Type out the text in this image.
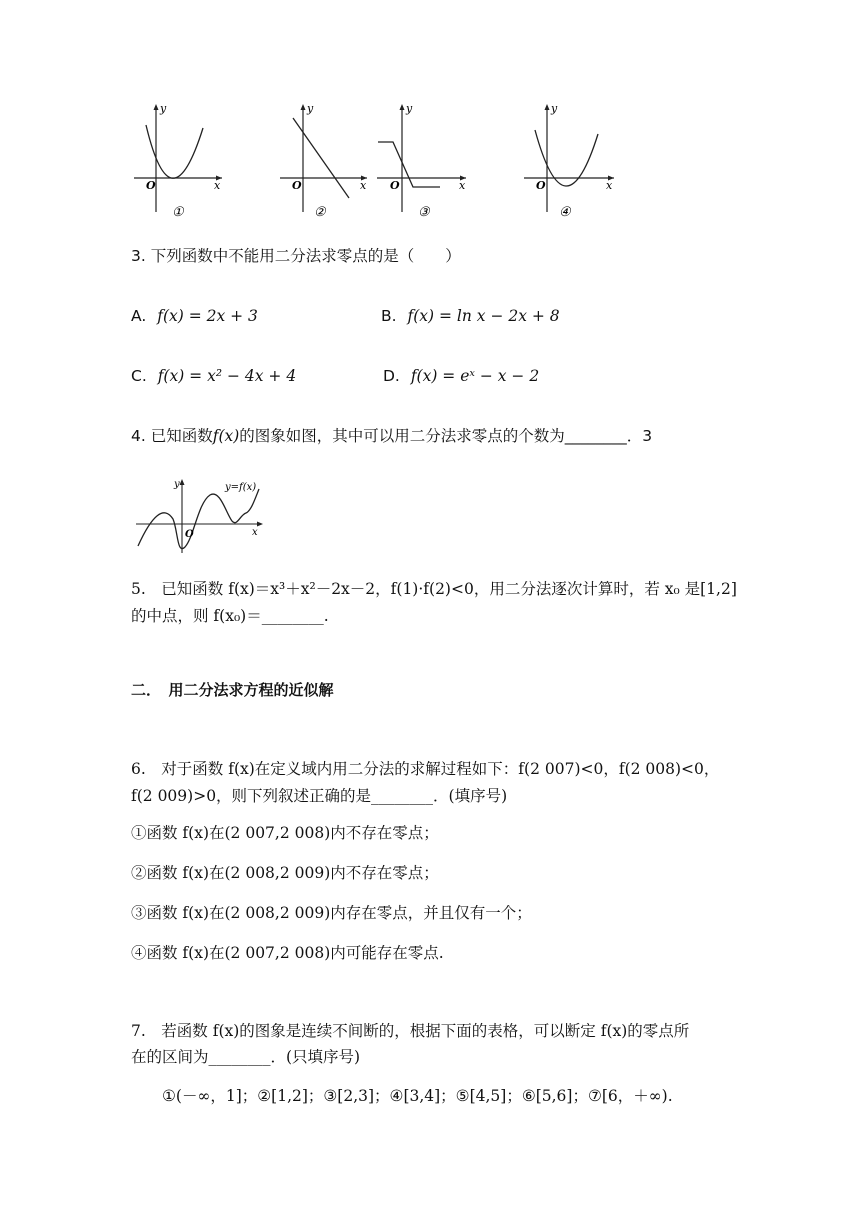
y
x
O
①
y
x
O
②
y
x
O
③
y
x
O
④
3. 下列函数中不能用二分法求零点的是（　　）
A. f(x) = 2x + 3	B. f(x) = ln x − 2x + 8
C. f(x) = x² − 4x + 4	D. f(x) = eˣ − x − 2
4. 已知函数f(x)的图象如图，其中可以用二分法求零点的个数为________．3
y
x
O
y=f(x)
5.　已知函数 f(x)＝x³＋x²－2x－2，f(1)·f(2)<0，用二分法逐次计算时，若 x₀ 是[1,2]
的中点，则 f(x₀)＝________.
二．　用二分法求方程的近似解
6.　对于函数 f(x)在定义域内用二分法的求解过程如下：f(2 007)<0，f(2 008)<0，
f(2 009)>0，则下列叙述正确的是________．(填序号)
①函数 f(x)在(2 007,2 008)内不存在零点；
②函数 f(x)在(2 008,2 009)内不存在零点；
③函数 f(x)在(2 008,2 009)内存在零点，并且仅有一个；
④函数 f(x)在(2 007,2 008)内可能存在零点.
7.　若函数 f(x)的图象是连续不间断的，根据下面的表格，可以断定 f(x)的零点所
在的区间为________．(只填序号)
①(－∞，1]；②[1,2]；③[2,3]；④[3,4]；⑤[4,5]；⑥[5,6]；⑦[6，＋∞).
